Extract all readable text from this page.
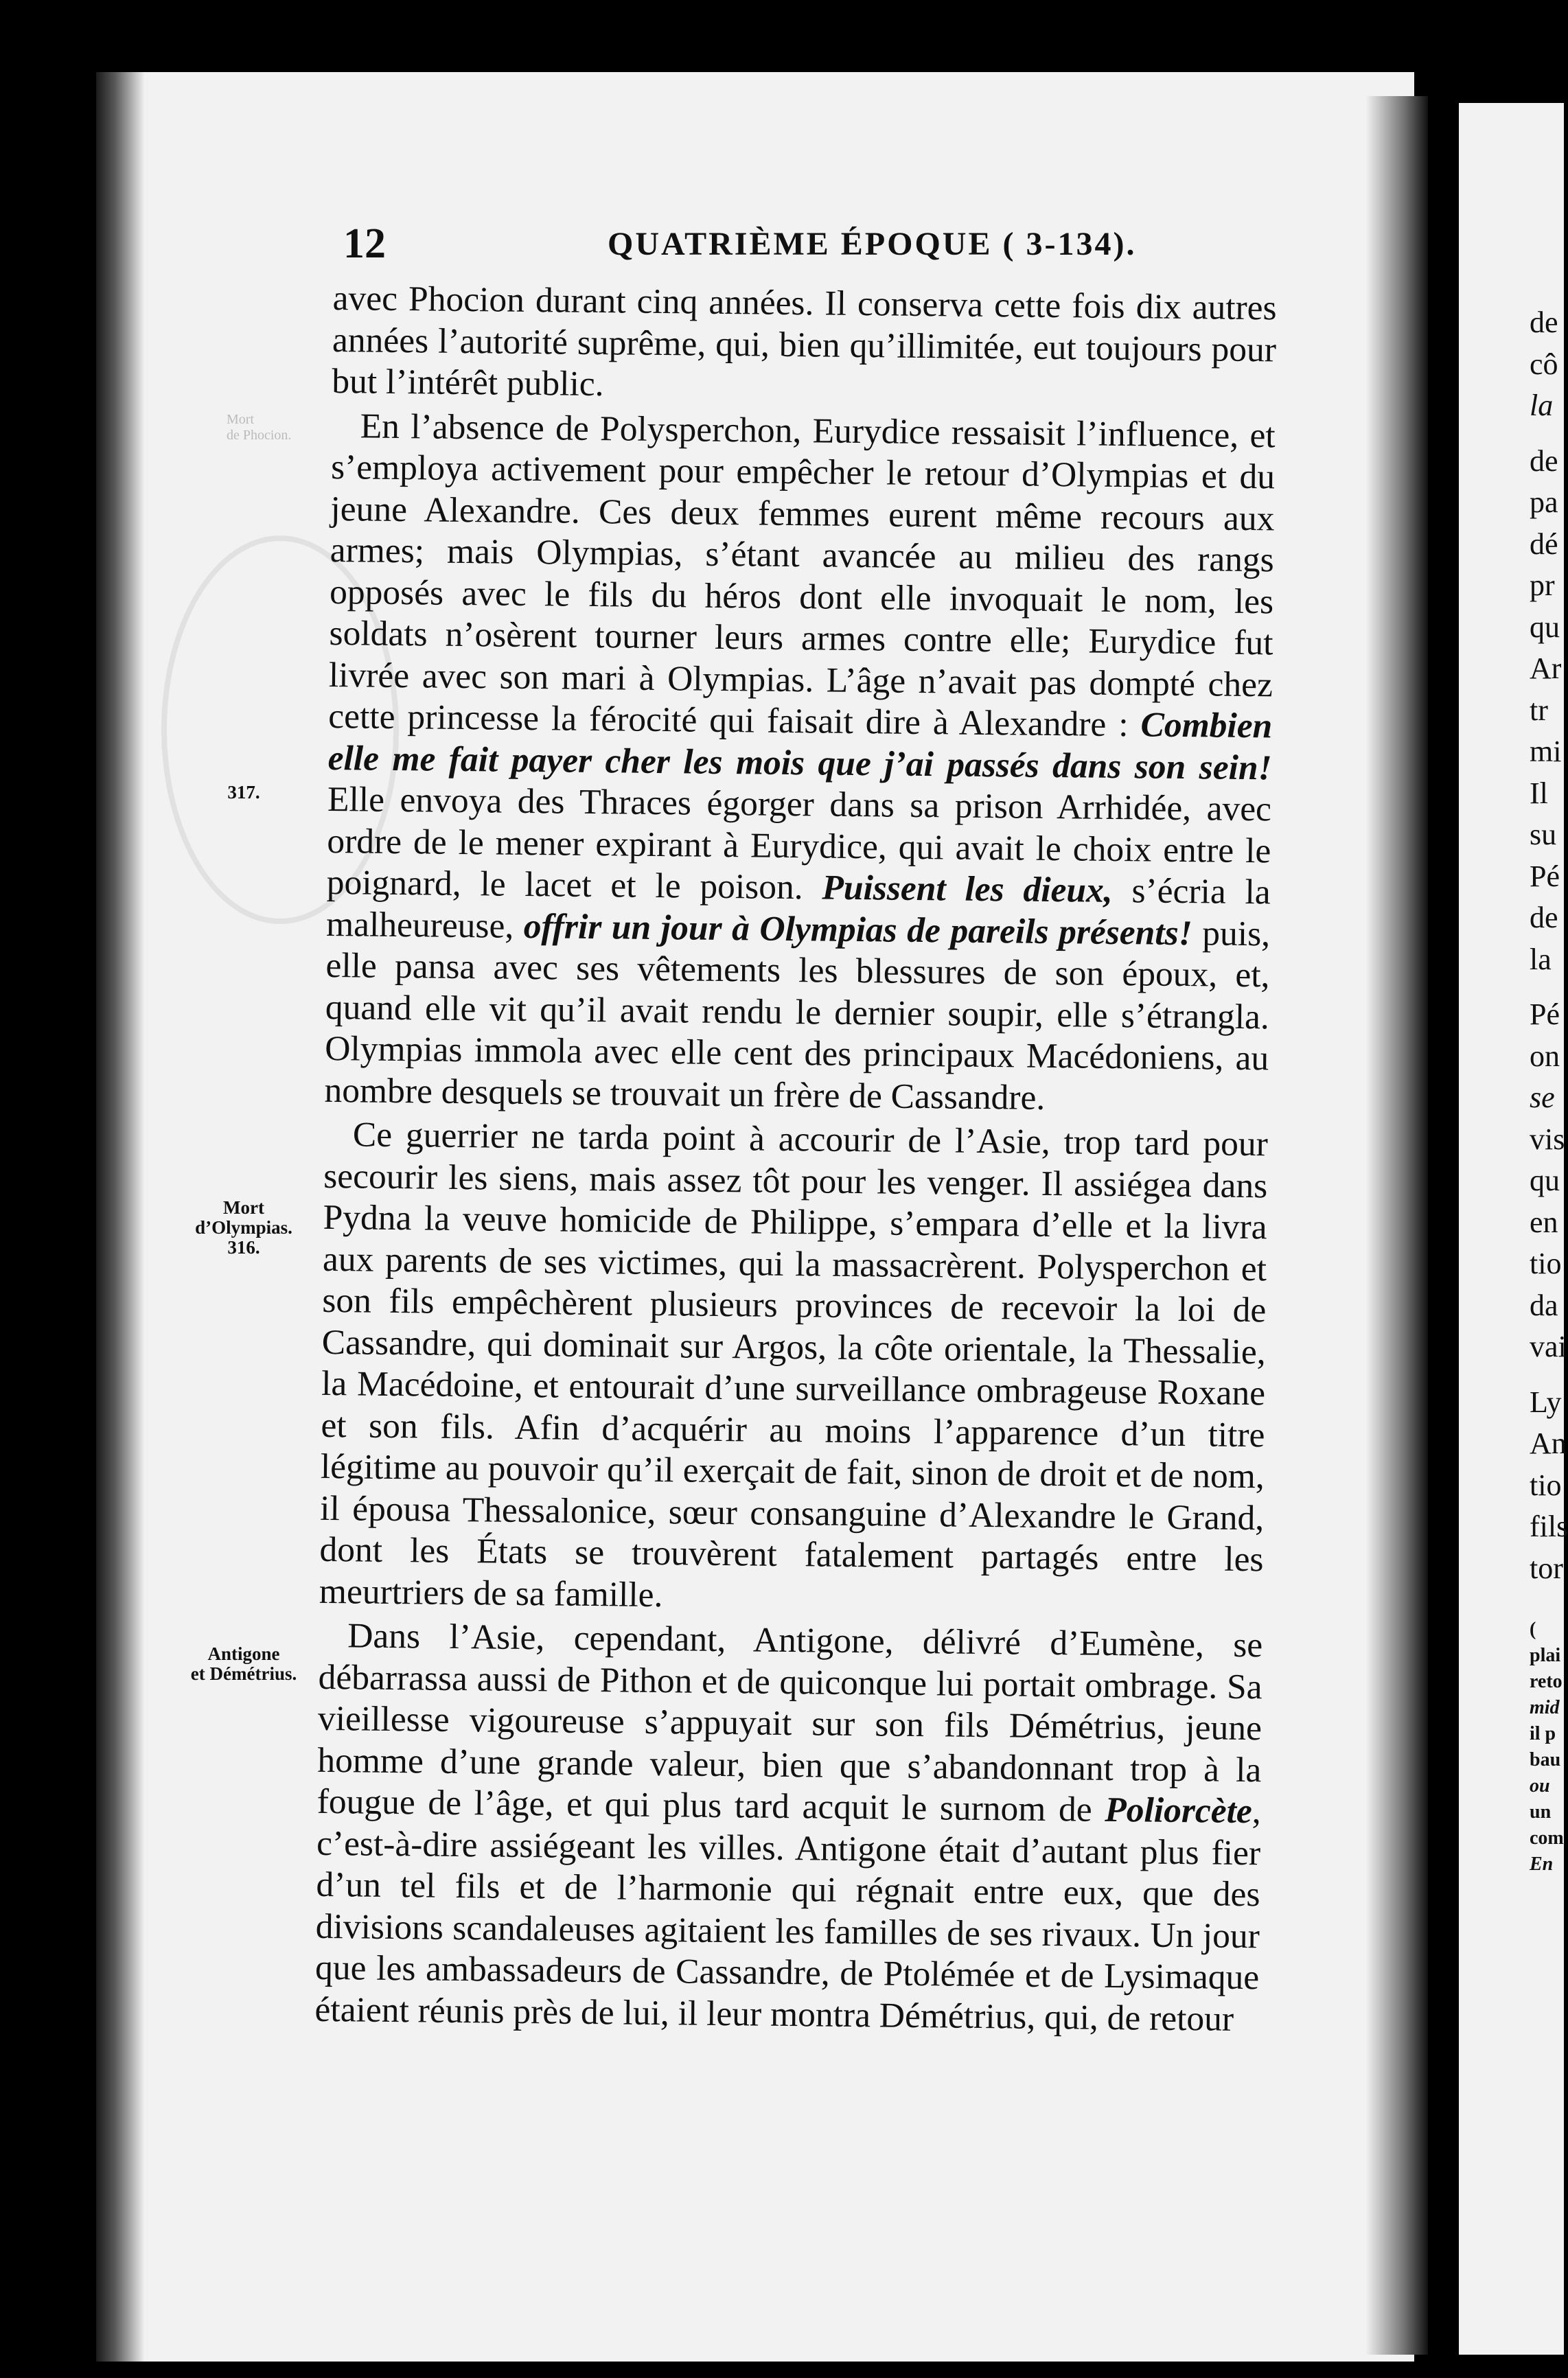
12	QUATRIÈME ÉPOQUE ( 3-134).
Mort
de Phocion.

avec Phocion durant cinq années. Il conserva cette fois dix autres années l’autorité suprême, qui, bien qu’illimitée, eut toujours pour but l’intérêt public.

En l’absence de Polysperchon, Eurydice ressaisit l’influence, et s’employa activement pour empêcher le retour d’Olympias et du jeune Alexandre. Ces deux femmes eurent même recours aux armes; mais Olympias, s’étant avancée au milieu des rangs opposés avec le fils du héros dont elle invoquait le nom, les soldats n’osèrent tourner leurs armes contre elle; Eurydice fut livrée avec son mari à Olympias. L’âge n’avait pas dompté chez cette princesse la férocité qui faisait dire à Alexandre : Combien elle me fait payer cher les mois que j’ai passés dans son sein! Elle envoya des Thraces égorger dans sa prison Arrhidée, avec ordre de le mener expirant à Eurydice, qui avait le choix entre le poignard, le lacet et le poison. Puissent les dieux, s’écria la malheureuse, offrir un jour à Olympias de pareils présents! puis, elle pansa avec ses vêtements les blessures de son époux, et, quand elle vit qu’il avait rendu le dernier soupir, elle s’étrangla. Olympias immola avec elle cent des principaux Macédoniens, au nombre desquels se trouvait un frère de Cassandre.

Ce guerrier ne tarda point à accourir de l’Asie, trop tard pour secourir les siens, mais assez tôt pour les venger. Il assiégea dans Pydna la veuve homicide de Philippe, s’empara d’elle et la livra aux parents de ses victimes, qui la massacrèrent. Polysperchon et son fils empêchèrent plusieurs provinces de recevoir la loi de Cassandre, qui dominait sur Argos, la côte orientale, la Thessalie, la Macédoine, et entourait d’une surveillance ombrageuse Roxane et son fils. Afin d’acquérir au moins l’apparence d’un titre légitime au pouvoir qu’il exerçait de fait, sinon de droit et de nom, il épousa Thessalonice, sœur consanguine d’Alexandre le Grand, dont les États se trouvèrent fatalement partagés entre les meurtriers de sa famille.

Dans l’Asie, cependant, Antigone, délivré d’Eumène, se débarrassa aussi de Pithon et de quiconque lui portait ombrage. Sa vieillesse vigoureuse s’appuyait sur son fils Démétrius, jeune homme d’une grande valeur, bien que s’abandonnant trop à la fougue de l’âge, et qui plus tard acquit le surnom de Poliorcète, c’est-à-dire assiégeant les villes. Antigone était d’autant plus fier d’un tel fils et de l’harmonie qui régnait entre eux, que des divisions scandaleuses agitaient les familles de ses rivaux. Un jour que les ambassadeurs de Cassandre, de Ptolémée et de Lysimaque étaient réunis près de lui, il leur montra Démétrius, qui, de retour

317.
Mort
d’Olympias.
316.
Antigone
et Démétrius.
de
cô
la
de
pa
dé
pr
qu
Ar
tr
mi
Il
su
Pé
de
la
Pé
on
se
vis
qu
en
tio
da
vai
Ly
An
tio
fils
tor
(
plai
reto
mid
il p
bau
ou
un
com
En
